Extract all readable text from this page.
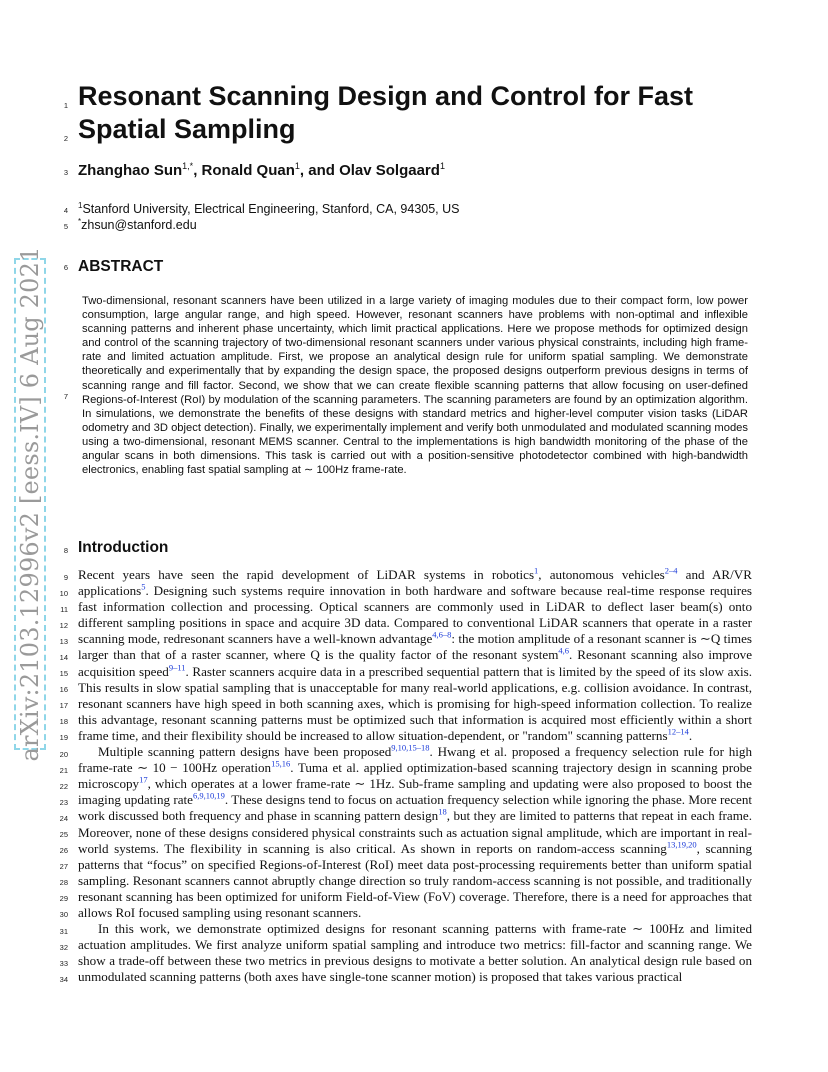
arXiv:2103.12996v2 [eess.IV] 6 Aug 2021
1
2
3
4
5
6
7
8
9
10
11
12
13
14
15
16
17
18
19
20
21
22
23
24
25
26
27
28
29
30
31
32
33
34
Resonant Scanning Design and Control for Fast Spatial Sampling
Zhanghao Sun$^{1,*}$, Ronald Quan$^1$, and Olav Solgaard$^1$
$^1$Stanford University, Electrical Engineering, Stanford, CA, 94305, US
*zhsun@stanford.edu
ABSTRACT
Two-dimensional, resonant scanners have been utilized in a large variety of imaging modules due to their compact form, low power consumption, large angular range, and high speed. However, resonant scanners have problems with non-optimal and inflexible scanning patterns and inherent phase uncertainty, which limit practical applications. Here we propose methods for optimized design and control of the scanning trajectory of two-dimensional resonant scanners under various physical constraints, including high frame-rate and limited actuation amplitude. First, we propose an analytical design rule for uniform spatial sampling. We demonstrate theoretically and experimentally that by expanding the design space, the proposed designs outperform previous designs in terms of scanning range and fill factor. Second, we show that we can create flexible scanning patterns that allow focusing on user-defined Regions-of-Interest (RoI) by modulation of the scanning parameters. The scanning parameters are found by an optimization algorithm. In simulations, we demonstrate the benefits of these designs with standard metrics and higher-level computer vision tasks (LiDAR odometry and 3D object detection). Finally, we experimentally implement and verify both unmodulated and modulated scanning modes using a two-dimensional, resonant MEMS scanner. Central to the implementations is high bandwidth monitoring of the phase of the angular scans in both dimensions. This task is carried out with a position-sensitive photodetector combined with high-bandwidth electronics, enabling fast spatial sampling at ∼ 100Hz frame-rate.
Introduction

Recent years have seen the rapid development of LiDAR systems in robotics$^1$, autonomous vehicles$^{2-4}$ and AR/VR applications$^5$. Designing such systems require innovation in both hardware and software because real-time response requires fast information collection and processing. Optical scanners are commonly used in LiDAR to deflect laser beam(s) onto different sampling positions in space and acquire 3D data. Compared to conventional LiDAR scanners that operate in a raster scanning mode, redresonant scanners have a well-known advantage$^{4,6-8}$: the motion amplitude of a resonant scanner is ∼Q times larger than that of a raster scanner, where Q is the quality factor of the resonant system$^{4,6}$. Resonant scanning also improve acquisition speed$^{9-11}$. Raster scanners acquire data in a prescribed sequential pattern that is limited by the speed of its slow axis. This results in slow spatial sampling that is unacceptable for many real-world applications, e.g. collision avoidance. In contrast, resonant scanners have high speed in both scanning axes, which is promising for high-speed information collection. To realize this advantage, resonant scanning patterns must be optimized such that information is acquired most efficiently within a short frame time, and their flexibility should be increased to allow situation-dependent, or "random" scanning patterns$^{12-14}$.

Multiple scanning pattern designs have been proposed$^{9,10,15-18}$. Hwang et al. proposed a frequency selection rule for high frame-rate ∼ 10 − 100Hz operation$^{15,16}$. Tuma et al. applied optimization-based scanning trajectory design in scanning probe microscopy$^{17}$, which operates at a lower frame-rate ∼ 1Hz. Sub-frame sampling and updating were also proposed to boost the imaging updating rate$^{6,9,10,19}$. These designs tend to focus on actuation frequency selection while ignoring the phase. More recent work discussed both frequency and phase in scanning pattern design$^{18}$, but they are limited to patterns that repeat in each frame. Moreover, none of these designs considered physical constraints such as actuation signal amplitude, which are important in real-world systems. The flexibility in scanning is also critical. As shown in reports on random-access scanning$^{13,19,20}$, scanning patterns that “focus” on specified Regions-of-Interest (RoI) meet data post-processing requirements better than uniform spatial sampling. Resonant scanners cannot abruptly change direction so truly random-access scanning is not possible, and traditionally resonant scanning has been optimized for uniform Field-of-View (FoV) coverage. Therefore, there is a need for approaches that allows RoI focused sampling using resonant scanners.

In this work, we demonstrate optimized designs for resonant scanning patterns with frame-rate ∼ 100Hz and limited actuation amplitudes. We first analyze uniform spatial sampling and introduce two metrics: fill-factor and scanning range. We show a trade-off between these two metrics in previous designs to motivate a better solution. An analytical design rule based on unmodulated scanning patterns (both axes have single-tone scanner motion) is proposed that takes various practical
